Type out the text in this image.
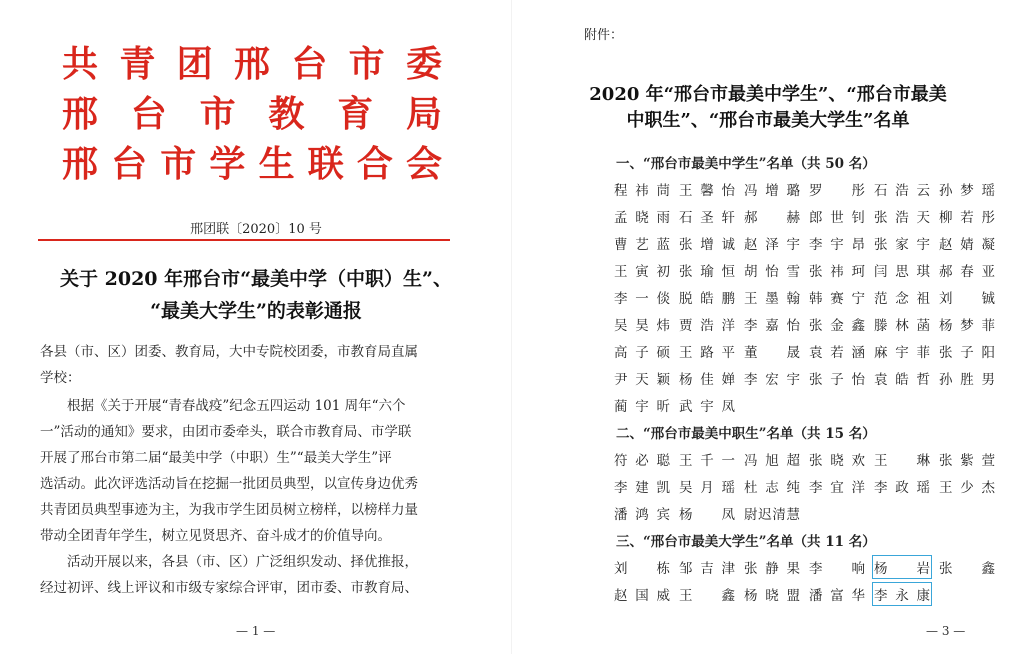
共 青 团 邢 台 市 委
邢 台 市 教 育 局
邢 台 市 学 生 联 合 会
邢团联〔2020〕10 号
关于 2020 年邢台市“最美中学（中职）生”、
“最美大学生”的表彰通报
各县（市、区）团委、教育局，大中专院校团委，市教育局直属
学校：
根据《关于开展“青春战疫”纪念五四运动 101 周年“六个
一”活动的通知》要求，由团市委牵头，联合市教育局、市学联
开展了邢台市第二届“最美中学（中职）生”“最美大学生”评
选活动。此次评选活动旨在挖掘一批团员典型，以宣传身边优秀
共青团员典型事迹为主，为我市学生团员树立榜样，以榜样力量
带动全团青年学生，树立见贤思齐、奋斗成才的价值导向。
活动开展以来，各县（市、区）广泛组织发动、择优推报，
经过初评、线上评议和市级专家综合评审，团市委、市教育局、
— 1 —
附件：
2020 年“邢台市最美中学生”、“邢台市最美
中职生”、“邢台市最美大学生”名单
一、“邢台市最美中学生”名单（共 50 名）
程祎茼 王馨怡 冯增璐 罗彤 石浩云 孙梦瑶
孟晓雨 石圣轩 郝赫 郎世钊 张浩天 柳若彤
曹艺蓝 张增诚 赵泽宇 李宇昂 张家宇 赵婧凝
王寅初 张瑜恒 胡怡雪 张祎珂 闫思琪 郝春亚
李一倓 脱皓鹏 王墨翰 韩赛宁 范念祖 刘铖
吴昊炜 贾浩洋 李嘉怡 张金鑫 滕林菡 杨梦菲
高子硕 王路平 董晟 袁若涵 麻宇菲 张子阳
尹天颖 杨佳婵 李宏宇 张子怡 袁皓哲 孙胜男
蔺宇昕 武宇凤
二、“邢台市最美中职生”名单（共 15 名）
符必聪 王千一 冯旭超 张晓欢 王琳 张紫萱
李建凯 吴月瑶 杜志纯 李宜洋 李政瑶 王少杰
潘鸿宾 杨凤 尉迟清慧
三、“邢台市最美大学生”名单（共 11 名）
刘栋 邹吉津 张静果 李响 杨岩 张鑫
赵国威 王鑫 杨晓盟 潘富华 李永康
— 3 —
